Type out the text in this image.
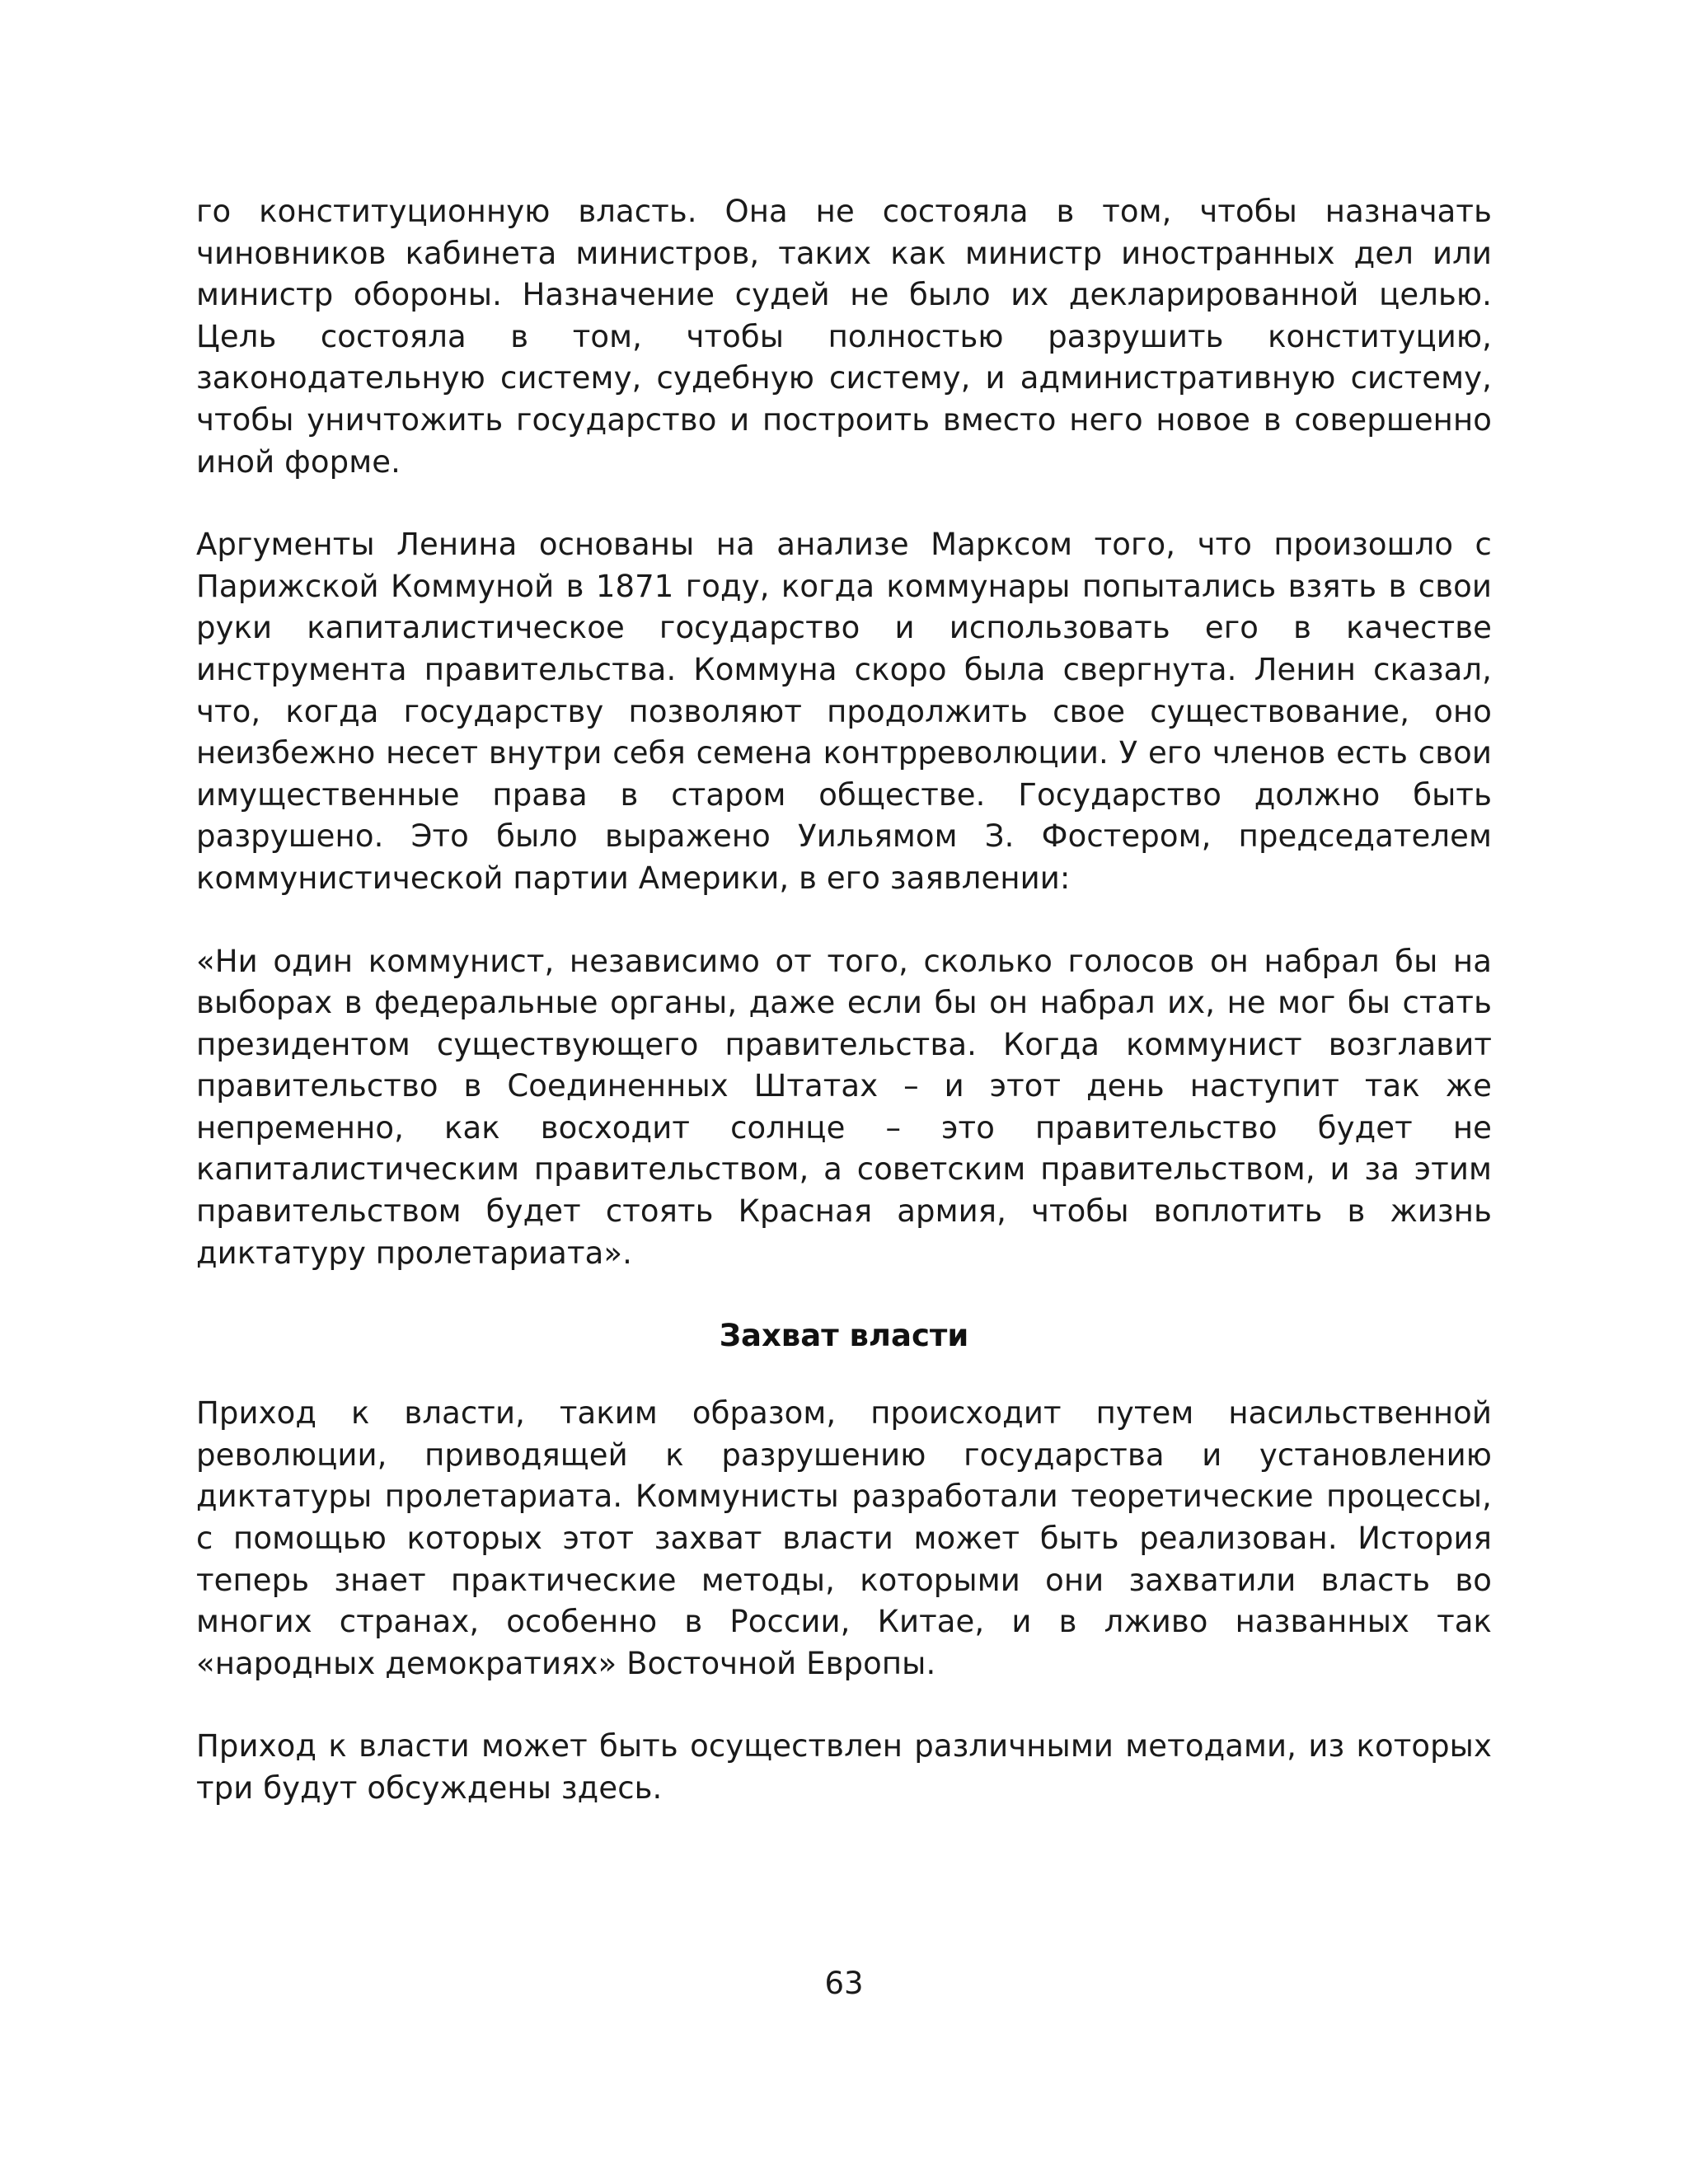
го конституционную власть. Она не состояла в том, чтобы назначать чиновников кабинета министров, таких как министр иностранных дел или министр обороны. Назначение судей не было их декларированной целью. Цель состояла в том, чтобы полностью разрушить конституцию, законодательную систему, судебную систему, и административную систему, чтобы уничтожить государство и построить вместо него новое в совершенно иной форме.

Аргументы Ленина основаны на анализе Марксом того, что произошло с Парижской Коммуной в 1871 году, когда коммунары попытались взять в свои руки капиталистическое государство и использовать его в качестве инструмента правительства. Коммуна скоро была свергнута. Ленин сказал, что, когда государству позволяют продолжить свое существование, оно неизбежно несет внутри себя семена контрреволюции. У его членов есть свои имущественные права в старом обществе. Государство должно быть разрушено. Это было выражено Уильямом З. Фостером, председателем коммунистической партии Америки, в его заявлении:

«Ни один коммунист, независимо от того, сколько голосов он набрал бы на выборах в федеральные органы, даже если бы он набрал их, не мог бы стать президентом существующего правительства. Когда коммунист возглавит правительство в Соединенных Штатах – и этот день наступит так же непременно, как восходит солнце – это правительство будет не капиталистическим правительством, а советским правительством, и за этим правительством будет стоять Красная армия, чтобы воплотить в жизнь диктатуру пролетариата».

Захват власти

Приход к власти, таким образом, происходит путем насильственной революции, приводящей к разрушению государства и установлению диктатуры пролетариата. Коммунисты разработали теоретические процессы, с помощью которых этот захват власти может быть реализован. История теперь знает практические методы, которыми они захватили власть во многих странах, особенно в России, Китае, и в лживо названных так «народных демократиях» Восточной Европы.

Приход к власти может быть осуществлен различными методами, из которых три будут обсуждены здесь.

63
